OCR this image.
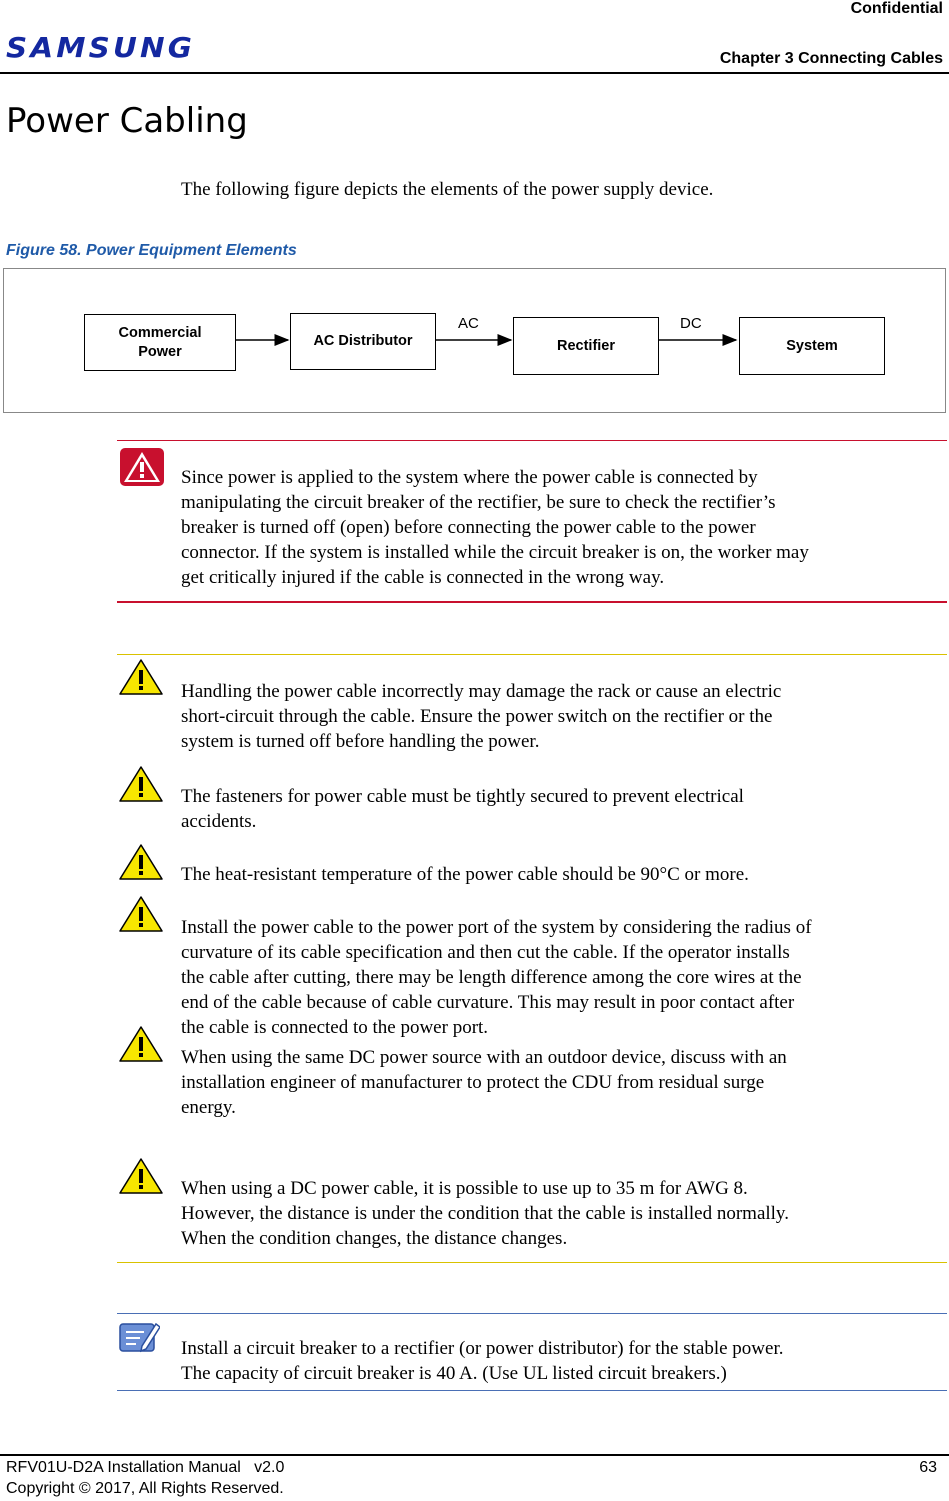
Confidential
SAMSUNG	Chapter 3 Connecting Cables
Power Cabling
The following figure depicts the elements of the power supply device.
Figure 58. Power Equipment Elements
Commercial
Power
AC Distributor	Rectifier	System
AC	DC
Since power is applied to the system where the power cable is connected by
manipulating the circuit breaker of the rectifier, be sure to check the rectifier’s
breaker is turned off (open) before connecting the power cable to the power
connector. If the system is installed while the circuit breaker is on, the worker may
get critically injured if the cable is connected in the wrong way.
Handling the power cable incorrectly may damage the rack or cause an electric
short-circuit through the cable. Ensure the power switch on the rectifier or the
system is turned off before handling the power.
The fasteners for power cable must be tightly secured to prevent electrical
accidents.
The heat-resistant temperature of the power cable should be 90°C or more.
Install the power cable to the power port of the system by considering the radius of
curvature of its cable specification and then cut the cable. If the operator installs
the cable after cutting, there may be length difference among the core wires at the
end of the cable because of cable curvature. This may result in poor contact after
the cable is connected to the power port.
When using the same DC power source with an outdoor device, discuss with an
installation engineer of manufacturer to protect the CDU from residual surge
energy.
When using a DC power cable, it is possible to use up to 35 m for AWG 8.
However, the distance is under the condition that the cable is installed normally.
When the condition changes, the distance changes.
Install a circuit breaker to a rectifier (or power distributor) for the stable power.
The capacity of circuit breaker is 40 A. (Use UL listed circuit breakers.)
RFV01U-D2A Installation Manual   v2.0	63
Copyright © 2017, All Rights Reserved.
